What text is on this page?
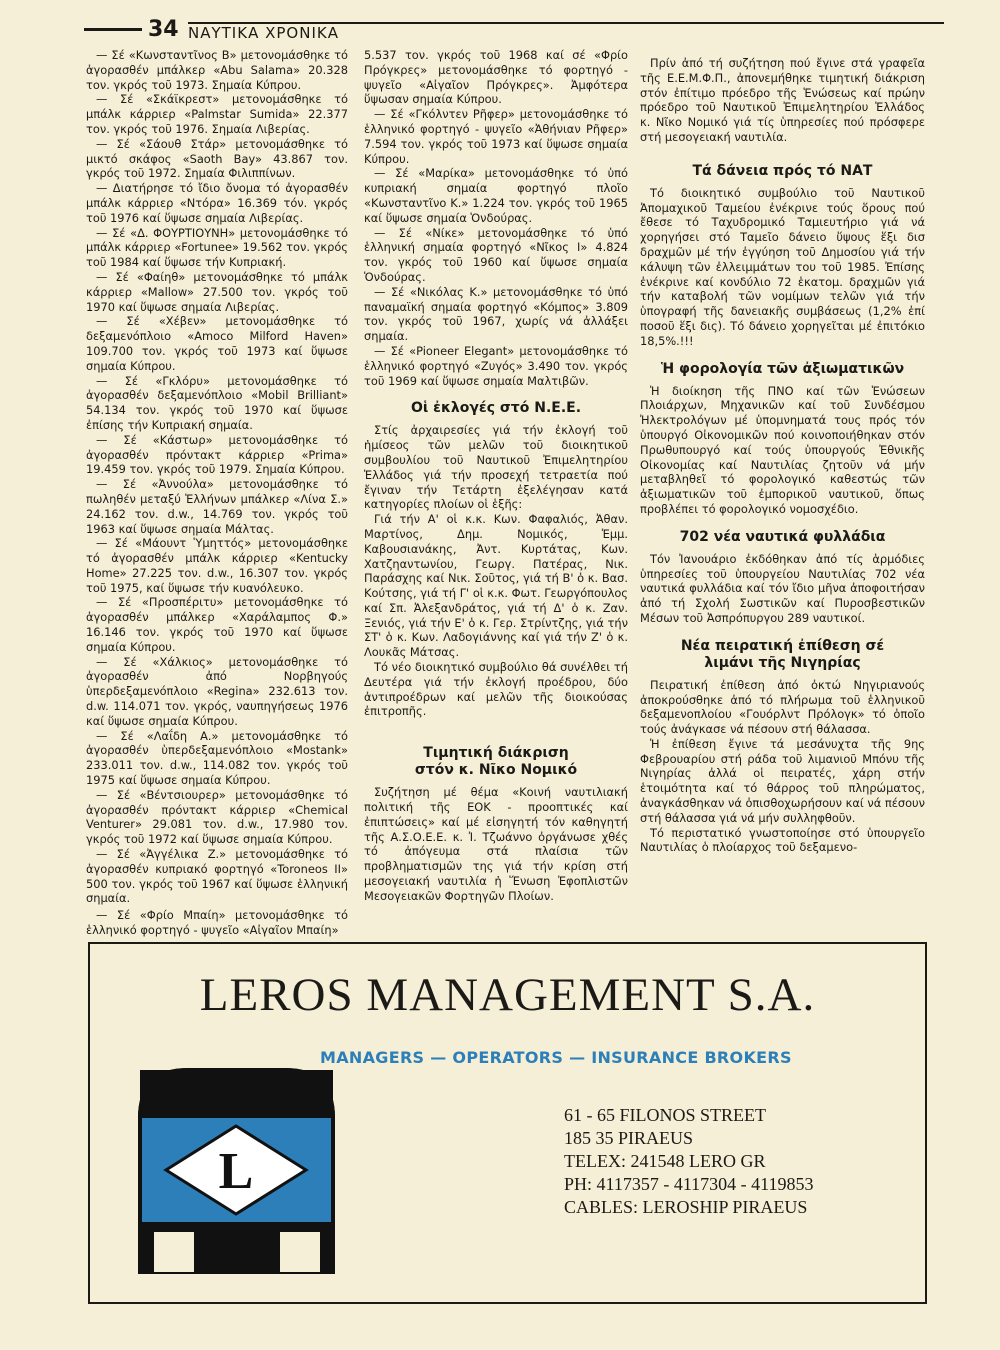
34 ΝΑΥΤΙΚΑ ΧΡΟΝΙΚΑ

— Σέ «Κωνσταντῖνος Β» μετονομάσθηκε τό ἀγορασθέν μπάλκερ «Abu Salama» 20.328 τον. γκρός τοῦ 1973. Σημαία Κύπρου.

— Σέ «Σκάϊκρεστ» μετονομάσθηκε τό μπάλκ κάρριερ «Palmstar Sumida» 22.377 τον. γκρός τοῦ 1976. Σημαία Λιβερίας.

— Σέ «Σάουθ Στάρ» μετονομάσθηκε τό μικτό σκάφος «Saoth Bay» 43.867 τον. γκρός τοῦ 1972. Σημαία Φιλιππίνων.

— Διατήρησε τό ἴδιο ὄνομα τό ἀγορασθέν μπάλκ κάρριερ «Ντόρα» 16.369 τόν. γκρός τοῦ 1976 καί ὕψωσε σημαία Λιβερίας.

— Σέ «Δ. ΦΟΥΡΤΙΟΥΝΗ» μετονομάσθηκε τό μπάλκ κάρριερ «Fortunee» 19.562 τον. γκρός τοῦ 1984 καί ὕψωσε τήν Κυπριακή.

— Σέ «Φαίηθ» μετονομάσθηκε τό μπάλκ κάρριερ «Mallow» 27.500 τον. γκρός τοῦ 1970 καί ὕψωσε σημαία Λιβερίας.

— Σέ «Χέβεν» μετονομάσθηκε τό δεξαμενόπλοιο «Amoco Milford Haven» 109.700 τον. γκρός τοῦ 1973 καί ὕψωσε σημαία Κύπρου.

— Σέ «Γκλόρυ» μετονομάσθηκε τό ἀγορασθέν δεξαμενόπλοιο «Mobil Brilliant» 54.134 τον. γκρός τοῦ 1970 καί ὕψωσε ἐπίσης τήν Κυπριακή σημαία.

— Σέ «Κάστωρ» μετονομάσθηκε τό ἀγορασθέν πρόντακτ κάρριερ «Prima» 19.459 τον. γκρός τοῦ 1979. Σημαία Κύπρου.

— Σέ «Ἀννούλα» μετονομάσθηκε τό πωληθέν μεταξύ Ἑλλήνων μπάλκερ «Λίνα Σ.» 24.162 τον. d.w., 14.769 τον. γκρός τοῦ 1963 καί ὕψωσε σημαία Μάλτας.

— Σέ «Μάουντ Ὑμηττός» μετονομάσθηκε τό ἀγορασθέν μπάλκ κάρριερ «Kentucky Home» 27.225 τον. d.w., 16.307 τον. γκρός τοῦ 1975, καί ὕψωσε τήν κυανόλευκο.

— Σέ «Προσπέριτυ» μετονομάσθηκε τό ἀγορασθέν μπάλκερ «Χαράλαμπος Φ.» 16.146 τον. γκρός τοῦ 1970 καί ὕψωσε σημαία Κύπρου.

— Σέ «Χάλκιος» μετονομάσθηκε τό ἀγορασθέν ἀπό Νορβηγούς ὑπερδεξαμενόπλοιο «Regina» 232.613 τον. d.w. 114.071 τον. γκρός, ναυπηγήσεως 1976 καί ὕψωσε σημαία Κύπρου.

— Σέ «Λαΐδη Α.» μετονομάσθηκε τό ἀγορασθέν ὑπερδεξαμενόπλοιο «Mostank» 233.011 τον. d.w., 114.082 τον. γκρός τοῦ 1975 καί ὕψωσε σημαία Κύπρου.

— Σέ «Βέντσιουρερ» μετονομάσθηκε τό ἀγορασθέν πρόντακτ κάρριερ «Chemical Venturer» 29.081 τον. d.w., 17.980 τον. γκρός τοῦ 1972 καί ὕψωσε σημαία Κύπρου.

— Σέ «Ἀγγέλικα Ζ.» μετονομάσθηκε τό ἀγορασθέν κυπριακό φορτηγό «Toroneos II» 500 τον. γκρός τοῦ 1967 καί ὕψωσε ἑλληνική σημαία.

— Σέ «Φρίο Μπαίη» μετονομάσθηκε τό ἑλληνικό φορτηγό - ψυγεῖο «Αἰγαῖον Μπαίη»

5.537 τον. γκρός τοῦ 1968 καί σέ «Φρίο Πρόγκρες» μετονομάσθηκε τό φορτηγό - ψυγεῖο «Αἰγαῖον Πρόγκρες». Ἀμφότερα ὕψωσαν σημαία Κύπρου.

— Σέ «Γκόλντεν Ρῆφερ» μετονομάσθηκε τό ἑλληνικό φορτηγό - ψυγεῖο «Ἀθήνιαν Ρῆφερ» 7.594 τον. γκρός τοῦ 1973 καί ὕψωσε σημαία Κύπρου.

— Σέ «Μαρίκα» μετονομάσθηκε τό ὑπό κυπριακή σημαία φορτηγό πλοῖο «Κωνσταντῖνο Κ.» 1.224 τον. γκρός τοῦ 1965 καί ὕψωσε σημαία Ὁνδούρας.

— Σέ «Νίκε» μετονομάσθηκε τό ὑπό ἑλληνική σημαία φορτηγό «Νῖκος Ι» 4.824 τον. γκρός τοῦ 1960 καί ὕψωσε σημαία Ὁνδούρας.

— Σέ «Νικόλας Κ.» μετονομάσθηκε τό ὑπό παναμαϊκή σημαία φορτηγό «Κόμπος» 3.809 τον. γκρός τοῦ 1967, χωρίς νά ἀλλάξει σημαία.

— Σέ «Pioneer Elegant» μετονομάσθηκε τό ἑλληνικό φορτηγό «Ζυγός» 3.490 τον. γκρός τοῦ 1969 καί ὕψωσε σημαία Μαλτιβῶν.

Οἱ ἐκλογές στό Ν.Ε.Ε.

Στίς ἀρχαιρεσίες γιά τήν ἐκλογή τοῦ ἡμίσεος τῶν μελῶν τοῦ διοικητικοῦ συμβουλίου τοῦ Ναυτικοῦ Ἐπιμελητηρίου Ἑλλάδος γιά τήν προσεχή τετραετία πού ἔγιναν τήν Τετάρτη ἐξελέγησαν κατά κατηγορίες πλοίων οἱ ἑξῆς:

Γιά τήν Α' οἱ κ.κ. Κων. Φαφαλιός, Ἀθαν. Μαρτίνος, Δημ. Νομικός, Ἐμμ. Καβουσιανάκης, Ἀντ. Κυρτάτας, Κων. Χατζηαντωνίου, Γεωργ. Πατέρας, Νικ. Παράσχης καί Νικ. Σοῦτος, γιά τή Β' ὁ κ. Βασ. Κούτσης, γιά τή Γ' οἱ κ.κ. Φωτ. Γεωργόπουλος καί Σπ. Ἀλεξανδράτος, γιά τή Δ' ὁ κ. Ζαν. Ξενιός, γιά τήν Ε' ὁ κ. Γερ. Στρίντζης, γιά τήν ΣΤ' ὁ κ. Κων. Λαδογιάννης καί γιά τήν Ζ' ὁ κ. Λουκᾶς Μάτσας.

Τό νέο διοικητικό συμβούλιο θά συνέλθει τή Δευτέρα γιά τήν ἐκλογή προέδρου, δύο ἀντιπροέδρων καί μελῶν τῆς διοικούσας ἐπιτροπῆς.

Τιμητική διάκριση στόν κ. Νῖκο Νομικό

Συζήτηση μέ θέμα «Κοινή ναυτιλιακή πολιτική τῆς ΕΟΚ - προοπτικές καί ἐπιπτώσεις» καί μέ εἰσηγητή τόν καθηγητή τῆς Α.Σ.Ο.Ε.Ε. κ. Ἰ. Τζωάννο ὀργάνωσε χθές τό ἀπόγευμα στά πλαίσια τῶν προβληματισμῶν της γιά τήν κρίση στή μεσογειακή ναυτιλία ἡ Ἕνωση Ἐφοπλιστῶν Μεσογειακῶν Φορτηγῶν Πλοίων.

Πρίν ἀπό τή συζήτηση πού ἔγινε στά γραφεῖα τῆς Ε.Ε.Μ.Φ.Π., ἀπονεμήθηκε τιμητική διάκριση στόν ἐπίτιμο πρόεδρο τῆς Ἑνώσεως καί πρώην πρόεδρο τοῦ Ναυτικοῦ Ἐπιμελητηρίου Ἑλλάδος κ. Νῖκο Νομικό γιά τίς ὑπηρεσίες πού πρόσφερε στή μεσογειακή ναυτιλία.

Τά δάνεια πρός τό ΝΑΤ

Τό διοικητικό συμβούλιο τοῦ Ναυτικοῦ Ἀπομαχικοῦ Ταμείου ἐνέκρινε τούς ὅρους πού ἔθεσε τό Ταχυδρομικό Ταμιευτήριο γιά νά χορηγήσει στό Ταμεῖο δάνειο ὕψους ἕξι δισ δραχμῶν μέ τήν ἐγγύηση τοῦ Δημοσίου γιά τήν κάλυψη τῶν ἐλλειμμάτων του τοῦ 1985. Ἐπίσης ἐνέκρινε καί κονδύλιο 72 ἑκατομ. δραχμῶν γιά τήν καταβολή τῶν νομίμων τελῶν γιά τήν ὑπογραφή τῆς δανειακῆς συμβάσεως (1,2% ἐπί ποσοῦ ἕξι δις). Τό δάνειο χορηγεῖται μέ ἐπιτόκιο 18,5%.!!!

Ἡ φορολογία τῶν ἀξιωματικῶν

Ἡ διοίκηση τῆς ΠΝΟ καί τῶν Ἑνώσεων Πλοιάρχων, Μηχανικῶν καί τοῦ Συνδέσμου Ἠλεκτρολόγων μέ ὑπομνηματά τους πρός τόν ὑπουργό Οἰκονομικῶν πού κοινοποιήθηκαν στόν Πρωθυπουργό καί τούς ὑπουργούς Ἐθνικῆς Οἰκονομίας καί Ναυτιλίας ζητοῦν νά μήν μεταβληθεῖ τό φορολογικό καθεστώς τῶν ἀξιωματικῶν τοῦ ἐμπορικοῦ ναυτικοῦ, ὅπως προβλέπει τό φορολογικό νομοσχέδιο.

702 νέα ναυτικά φυλλάδια

Τόν Ἰανουάριο ἐκδόθηκαν ἀπό τίς ἁρμόδιες ὑπηρεσίες τοῦ ὑπουργείου Ναυτιλίας 702 νέα ναυτικά φυλλάδια καί τόν ἴδιο μῆνα ἀποφοιτήσαν ἀπό τή Σχολή Σωστικῶν καί Πυροσβεστικῶν Μέσων τοῦ Ἀσπρόπυργου 289 ναυτικοί.

Νέα πειρατική ἐπίθεση σέ λιμάνι τῆς Νιγηρίας

Πειρατική ἐπίθεση ἀπό ὀκτώ Νηγιριανούς ἀποκρούσθηκε ἀπό τό πλήρωμα τοῦ ἑλληνικοῦ δεξαμενοπλοίου «Γουόρλντ Πρόλογκ» τό ὁποῖο τούς ἀνάγκασε νά πέσουν στή θάλασσα.

Ἡ ἐπίθεση ἔγινε τά μεσάνυχτα τῆς 9ης Φεβρουαρίου στή ράδα τοῦ λιμανιοῦ Μπόνυ τῆς Νιγηρίας ἀλλά οἱ πειρατές, χάρη στήν ἑτοιμότητα καί τό θάρρος τοῦ πληρώματος, ἀναγκάσθηκαν νά ὀπισθοχωρήσουν καί νά πέσουν στή θάλασσα γιά νά μήν συλληφθοῦν.

Τό περιστατικό γνωστοποίησε στό ὑπουργεῖο Ναυτιλίας ὁ πλοίαρχος τοῦ δεξαμενο-

LEROS MANAGEMENT S.A.
MANAGERS — OPERATORS — INSURANCE BROKERS
L
61 - 65 FILONOS STREET
185 35 PIRAEUS
TELEX: 241548 LERO GR
PH: 4117357 - 4117304 - 4119853
CABLES: LEROSHIP PIRAEUS
